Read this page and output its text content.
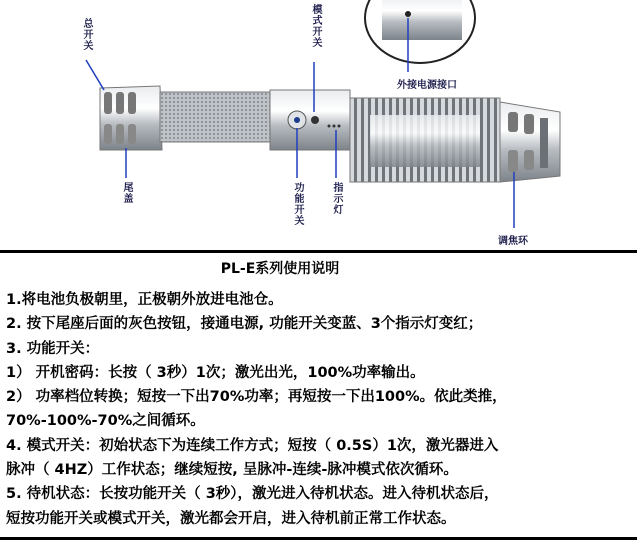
总开关	模式开关
外接电源接口
尾盖	功能开关	指示灯
调焦环
PL-E系列使用说明
1.将电池负极朝里，正极朝外放进电池仓。
2. 按下尾座后面的灰色按钮，接通电源, 功能开关变蓝、3个指示灯变红；
3. 功能开关：
1） 开机密码：长按（ 3秒）1次；激光出光，100%功率输出。
2） 功率档位转换；短按一下出70%功率；再短按一下出100%。依此类推，
70%-100%-70%之间循环。
4. 模式开关：初始状态下为连续工作方式；短按（ 0.5S）1次，激光器进入
脉冲（ 4HZ）工作状态；继续短按, 呈脉冲-连续-脉冲模式依次循环。
5. 待机状态：长按功能开关（ 3秒），激光进入待机状态。进入待机状态后，
短按功能开关或模式开关，激光都会开启，进入待机前正常工作状态。
